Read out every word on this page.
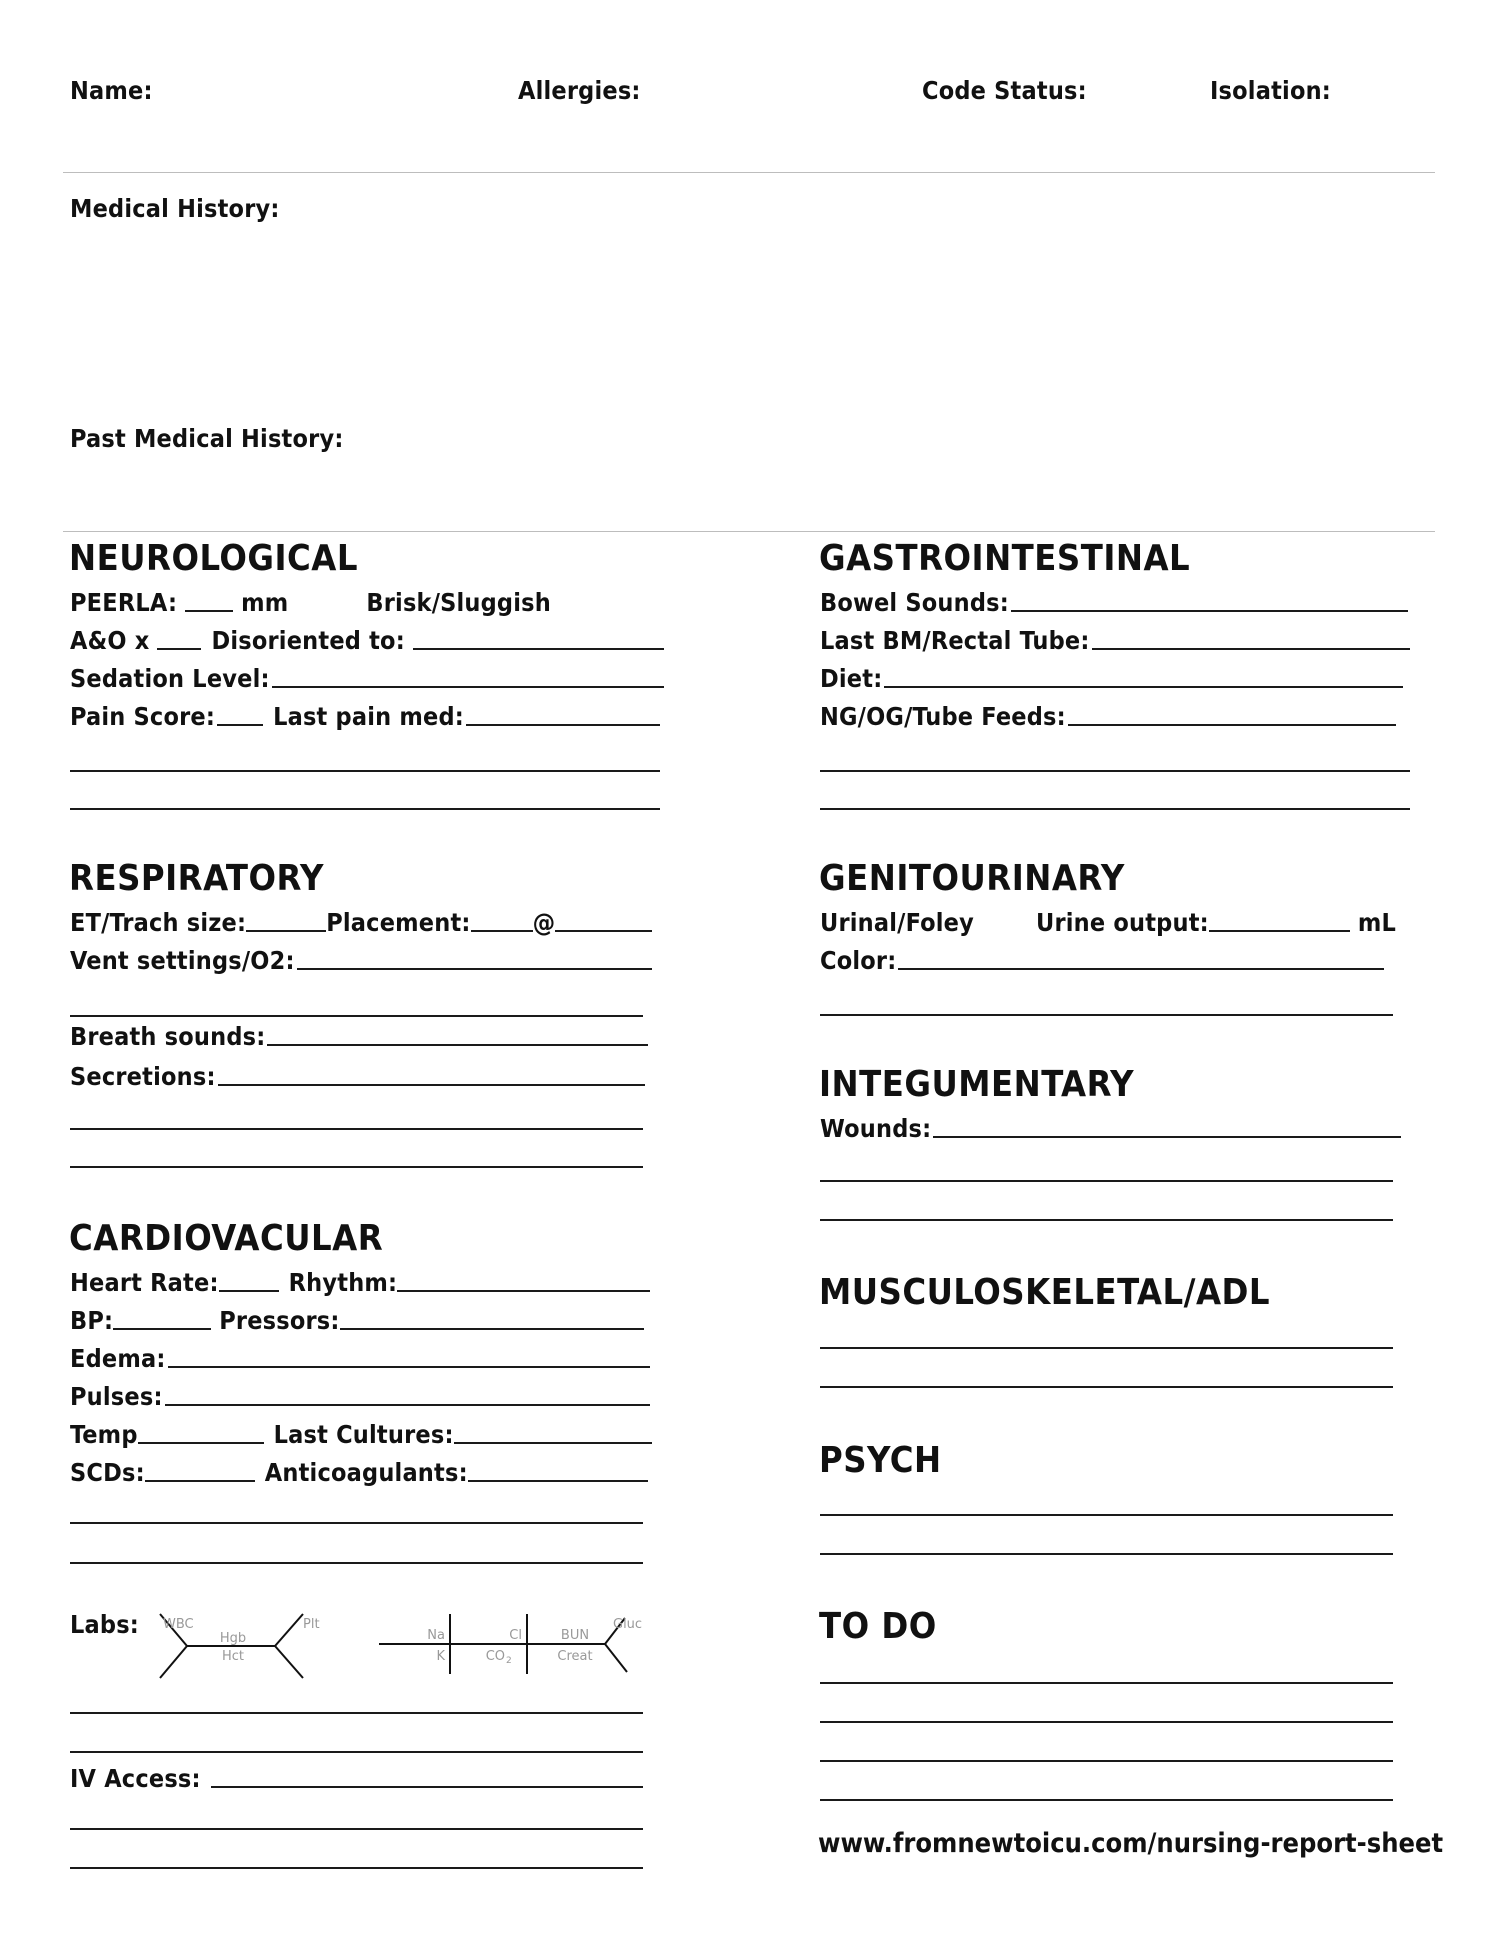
Name:	Allergies:	Code Status:	Isolation:
Medical History:
Past Medical History:
NEUROLOGICAL
PEERLA:	mm	Brisk/Sluggish
A&O x Disoriented to:
Sedation Level:
Pain Score: Last pain med:
RESPIRATORY
ET/Trach size:	Placement: @
Vent settings/O2:
Breath sounds:
Secretions:
CARDIOVACULAR
Heart Rate:	Rhythm:
BP:	Pressors:
Edema:
Pulses:
Temp	Last Cultures:
SCDs:	Anticoagulants:
Labs: WBC
Hgb
Hct
Plt
Na
K
Cl
CO 2
BUN
Creat
Gluc
IV Access:
GASTROINTESTINAL
Bowel Sounds:
Last BM/Rectal Tube:
Diet:
NG/OG/Tube Feeds:
GENITOURINARY
Urinal/Foley Urine output:	mL
Color:
INTEGUMENTARY
Wounds:
MUSCULOSKELETAL/ADL
PSYCH
TO DO
www.fromnewtoicu.com/nursing-report-sheet
